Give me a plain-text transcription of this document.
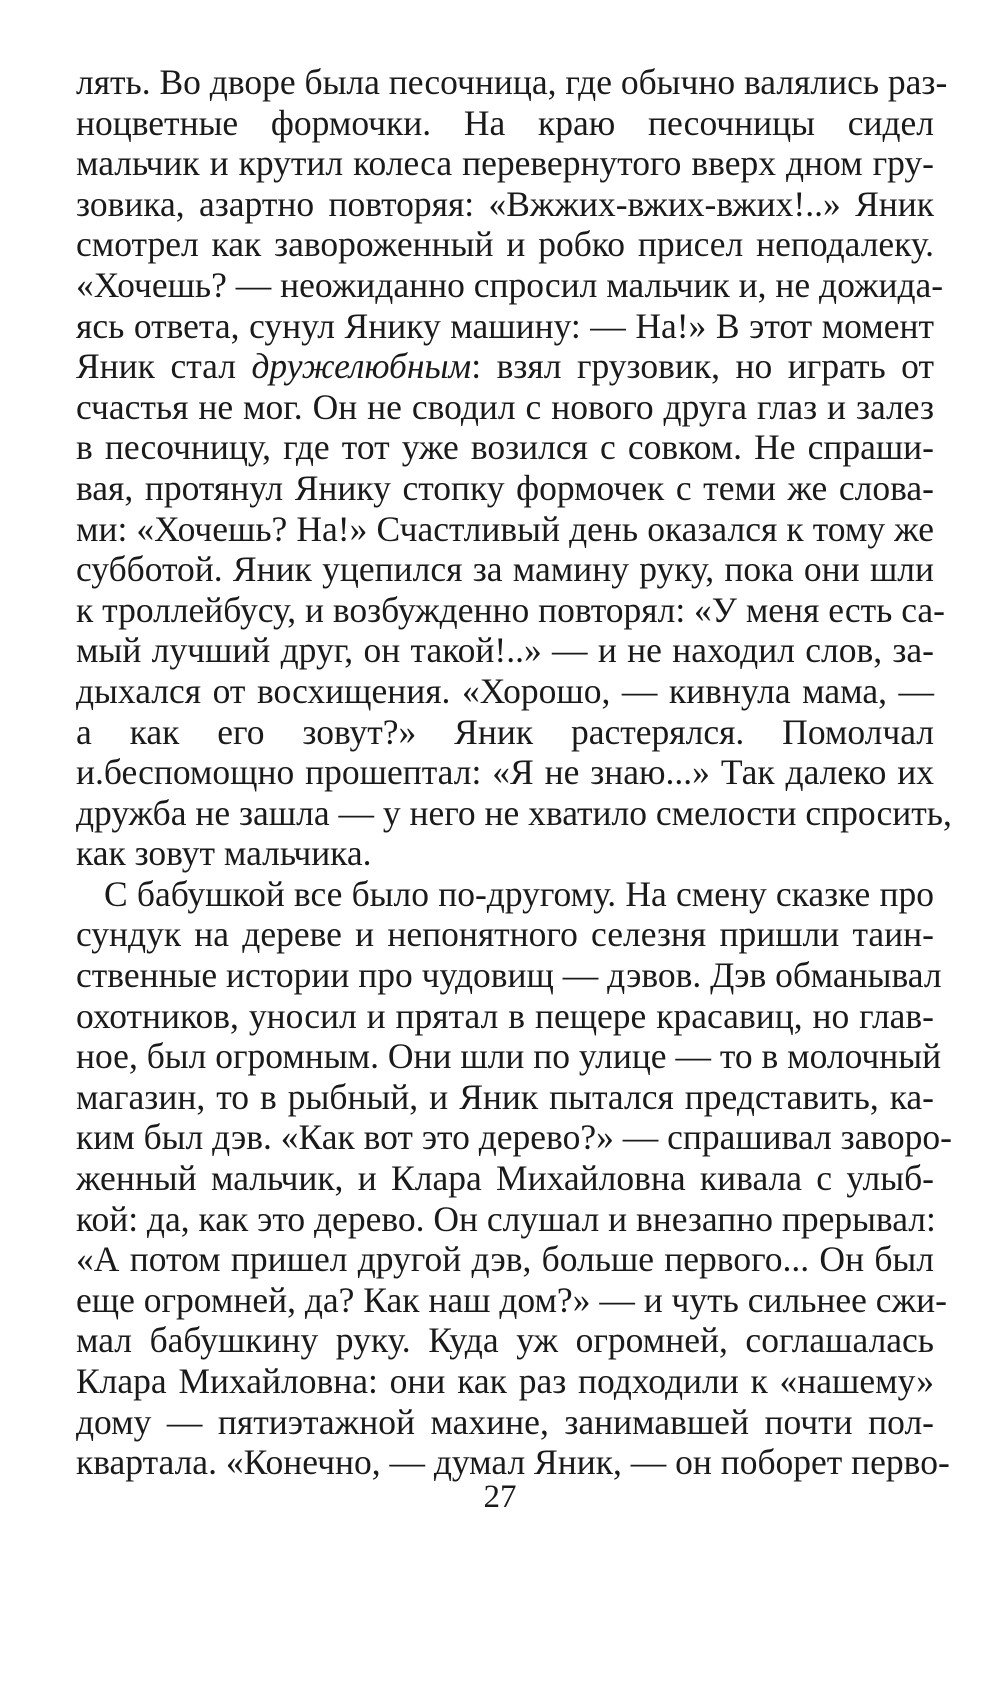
лять. Во дворе была песочница, где обычно валялись раз-
ноцветные формочки. На краю песочницы сидел
мальчик и крутил колеса перевернутого вверх дном гру-
зовика, азартно повторяя: «Вжжих-вжих-вжих!..» Яник
смотрел как завороженный и робко присел неподалеку.
«Хочешь? — неожиданно спросил мальчик и, не дожида-
ясь ответа, сунул Янику машину: — На!» В этот момент
Яник стал дружелюбным: взял грузовик, но играть от
счастья не мог. Он не сводил с нового друга глаз и залез
в песочницу, где тот уже возился с совком. Не спраши-
вая, протянул Янику стопку формочек с теми же слова-
ми: «Хочешь? На!» Счастливый день оказался к тому же
субботой. Яник уцепился за мамину руку, пока они шли
к троллейбусу, и возбужденно повторял: «У меня есть са-
мый лучший друг, он такой!..» — и не находил слов, за-
дыхался от восхищения. «Хорошо, — кивнула мама, —
а как его зовут?» Яник растерялся. Помолчал
и.беспомощно прошептал: «Я не знаю...» Так далеко их
дружба не зашла — у него не хватило смелости спросить,
как зовут мальчика.
С бабушкой все было по-другому. На смену сказке про
сундук на дереве и непонятного селезня пришли таин-
ственные истории про чудовищ — дэвов. Дэв обманывал
охотников, уносил и прятал в пещере красавиц, но глав-
ное, был огромным. Они шли по улице — то в молочный
магазин, то в рыбный, и Яник пытался представить, ка-
ким был дэв. «Как вот это дерево?» — спрашивал заворо-
женный мальчик, и Клара Михайловна кивала с улыб-
кой: да, как это дерево. Он слушал и внезапно прерывал:
«А потом пришел другой дэв, больше первого... Он был
еще огромней, да? Как наш дом?» — и чуть сильнее сжи-
мал бабушкину руку. Куда уж огромней, соглашалась
Клара Михайловна: они как раз подходили к «нашему»
дому — пятиэтажной махине, занимавшей почти пол-
квартала. «Конечно, — думал Яник, — он поборет перво-
27
